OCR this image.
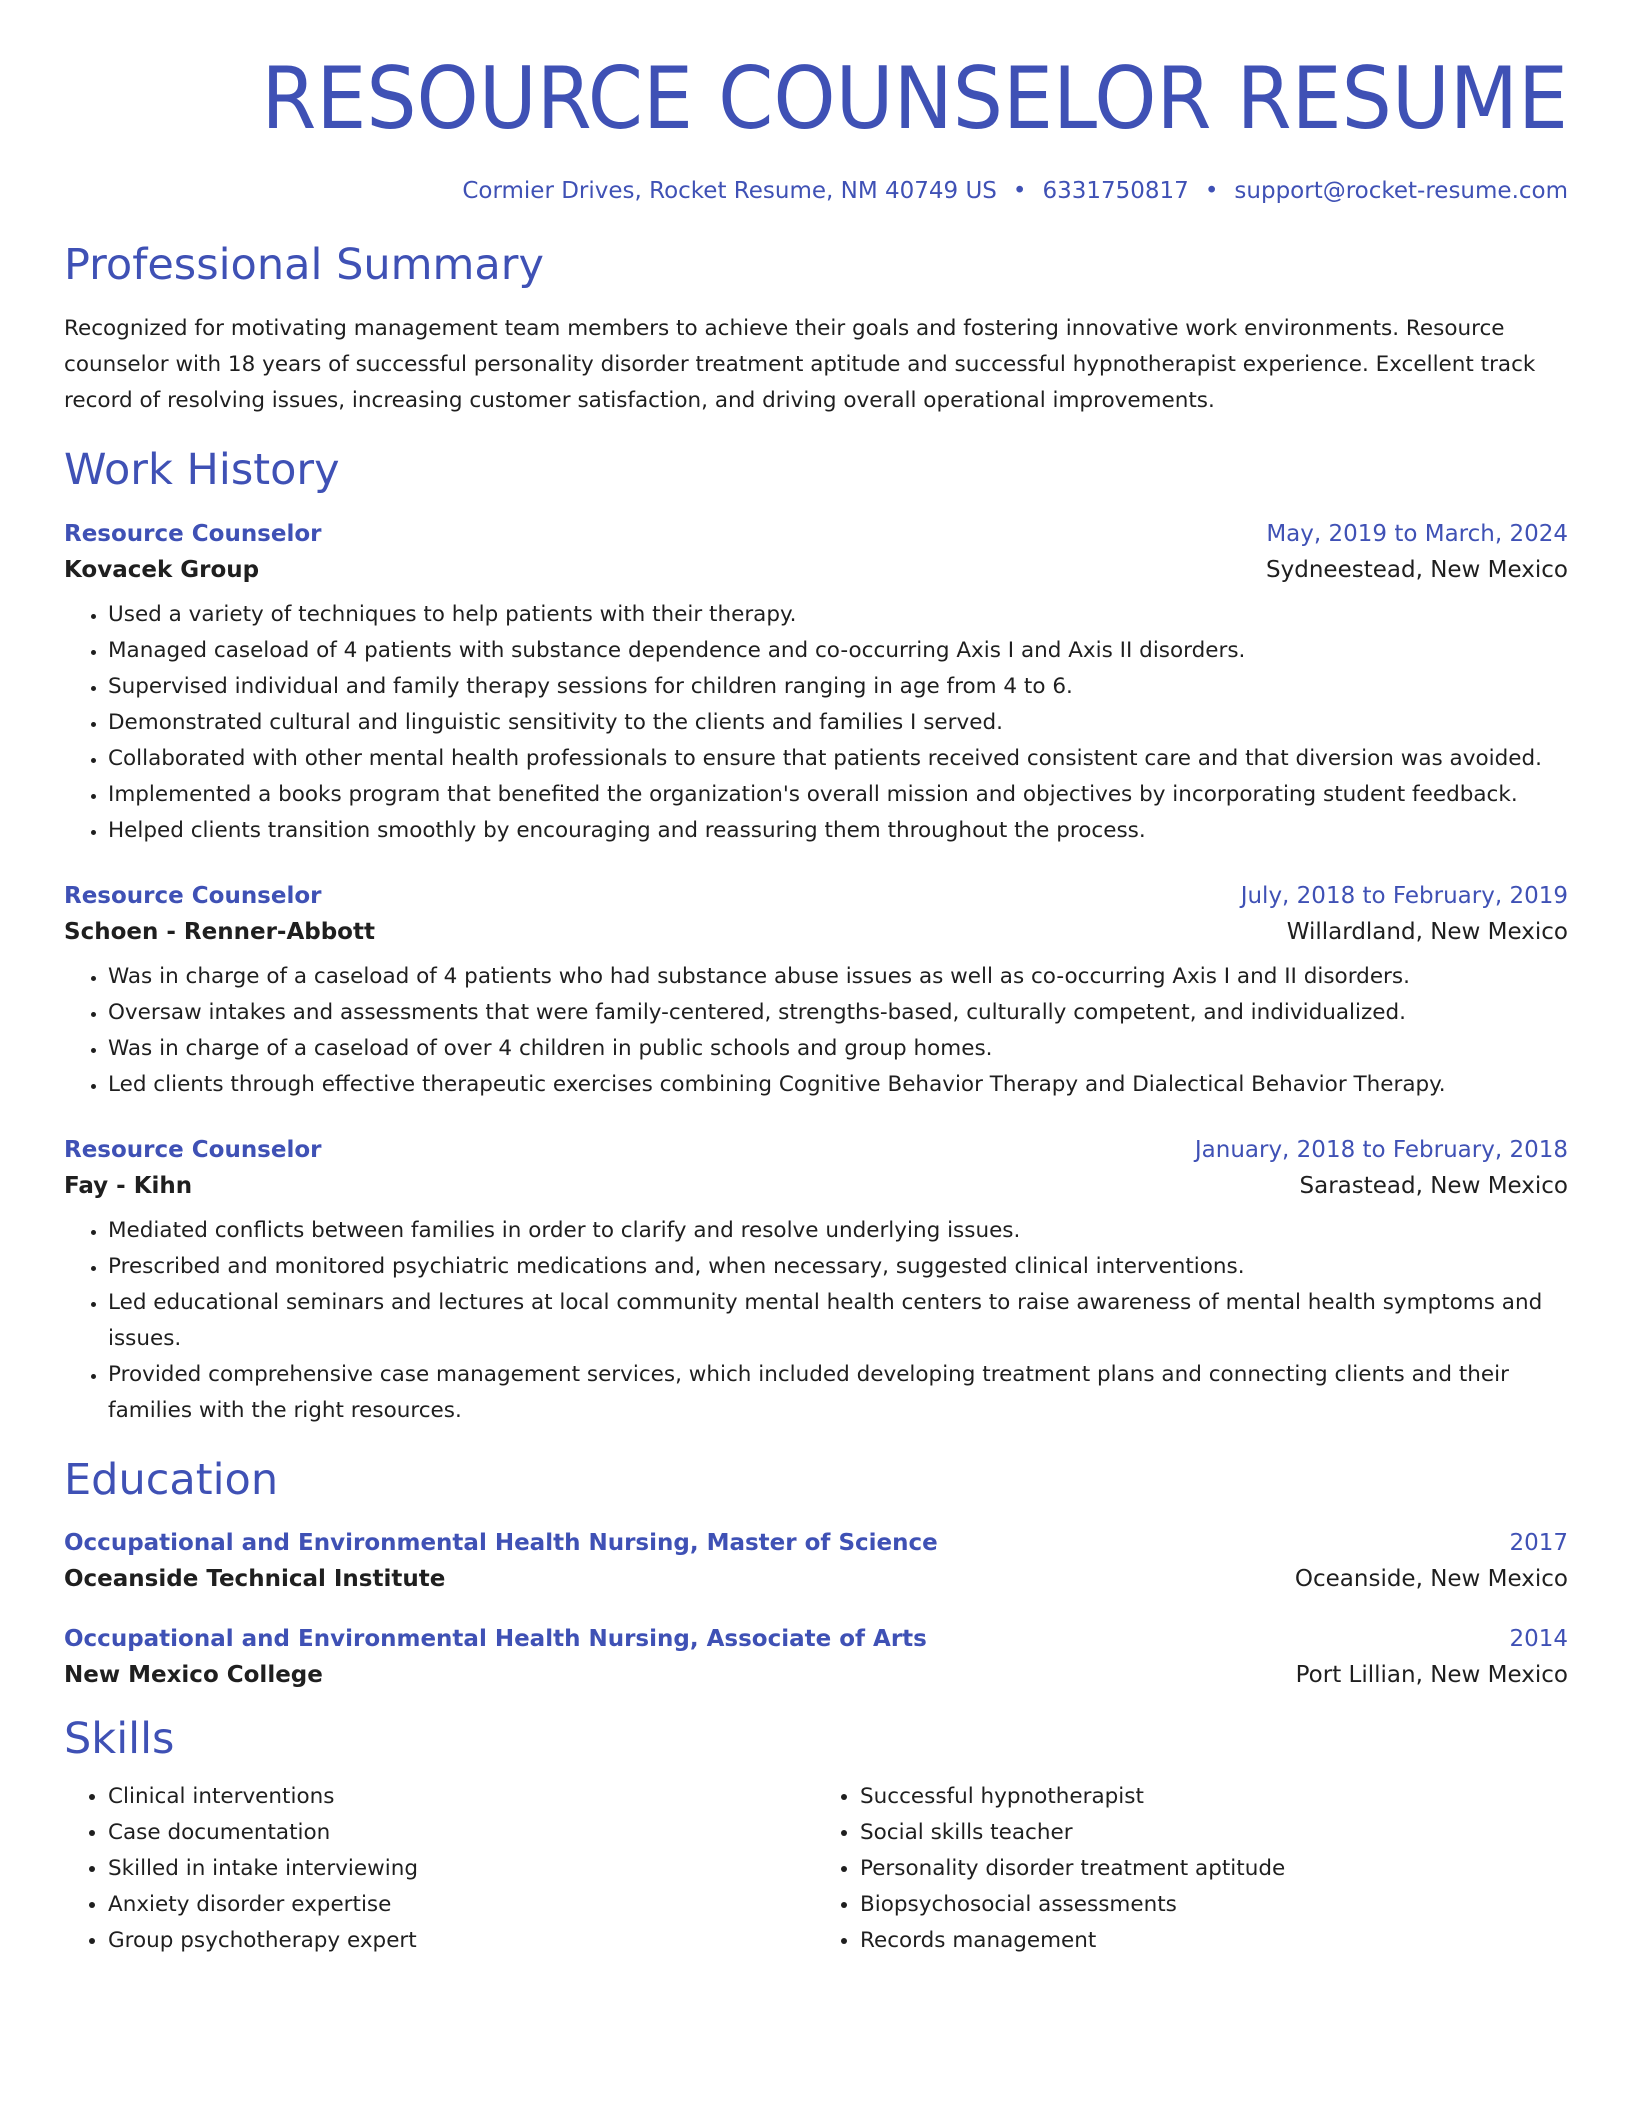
RESOURCE COUNSELOR RESUME
Cormier Drives, Rocket Resume, NM 40749 US • 6331750817 • support@rocket-resume.com
Professional Summary

Recognized for motivating management team members to achieve their goals and fostering innovative work environments. Resource counselor with 18 years of successful personality disorder treatment aptitude and successful hypnotherapist experience. Excellent track record of resolving issues, increasing customer satisfaction, and driving overall operational improvements.

Work History
Resource Counselor	May, 2019 to March, 2024
Kovacek Group	Sydneestead, New Mexico
• Used a variety of techniques to help patients with their therapy.
• Managed caseload of 4 patients with substance dependence and co-occurring Axis I and Axis II disorders.
• Supervised individual and family therapy sessions for children ranging in age from 4 to 6.
• Demonstrated cultural and linguistic sensitivity to the clients and families I served.
• Collaborated with other mental health professionals to ensure that patients received consistent care and that diversion was avoided.
• Implemented a books program that benefited the organization's overall mission and objectives by incorporating student feedback.
• Helped clients transition smoothly by encouraging and reassuring them throughout the process.
Resource Counselor	July, 2018 to February, 2019
Schoen - Renner-Abbott	Willardland, New Mexico
• Was in charge of a caseload of 4 patients who had substance abuse issues as well as co-occurring Axis I and II disorders.
• Oversaw intakes and assessments that were family-centered, strengths-based, culturally competent, and individualized.
• Was in charge of a caseload of over 4 children in public schools and group homes.
• Led clients through effective therapeutic exercises combining Cognitive Behavior Therapy and Dialectical Behavior Therapy.
Resource Counselor	January, 2018 to February, 2018
Fay - Kihn	Sarastead, New Mexico
• Mediated conflicts between families in order to clarify and resolve underlying issues.
• Prescribed and monitored psychiatric medications and, when necessary, suggested clinical interventions.
• Led educational seminars and lectures at local community mental health centers to raise awareness of mental health symptoms and issues.
• Provided comprehensive case management services, which included developing treatment plans and connecting clients and their families with the right resources.
Education
Occupational and Environmental Health Nursing, Master of Science	2017
Oceanside Technical Institute	Oceanside, New Mexico
Occupational and Environmental Health Nursing, Associate of Arts	2014
New Mexico College	Port Lillian, New Mexico
Skills
• Clinical interventions
• Case documentation
• Skilled in intake interviewing
• Anxiety disorder expertise
• Group psychotherapy expert
• Successful hypnotherapist
• Social skills teacher
• Personality disorder treatment aptitude
• Biopsychosocial assessments
• Records management
